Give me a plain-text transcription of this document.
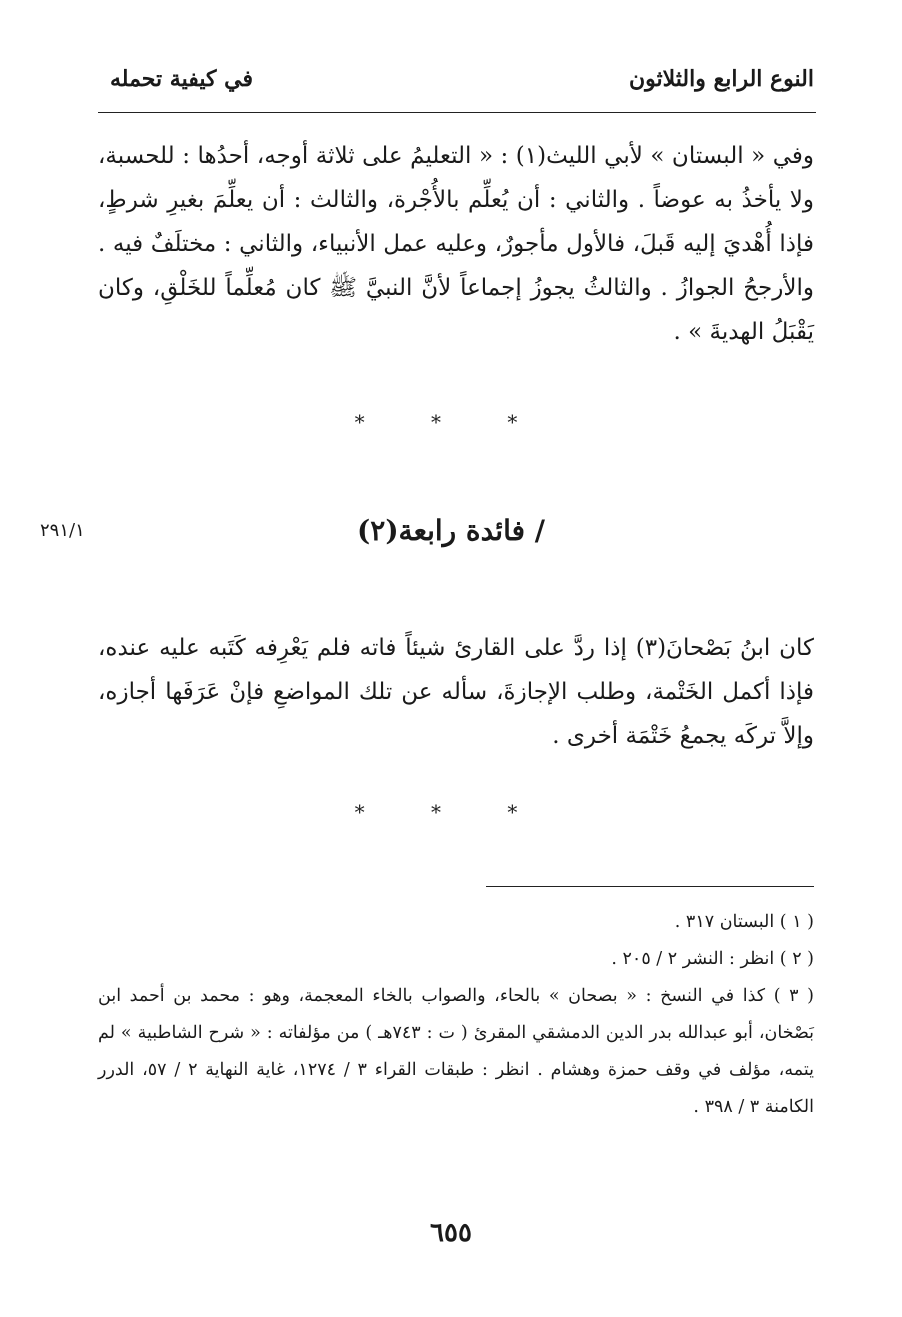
النوع الرابع والثلاثون
في كيفية تحمله

وفي « البستان » لأبي الليث(١) : « التعليمُ على ثلاثة أوجه، أحدُها : للحسبة، ولا يأخذُ به عوضاً . والثاني : أن يُعلِّم بالأُجْرة، والثالث : أن يعلِّمَ بغيرِ شرطٍ، فإذا أُهْديَ إليه قَبلَ، فالأول مأجورٌ، وعليه عمل الأنبياء، والثاني : مختلَفٌ فيه . والأرجحُ الجوازُ . والثالثُ يجوزُ إجماعاً لأنَّ النبيَّ ﷺ كان مُعلِّماً للخَلْقِ، وكان يَقْبَلُ الهديةَ » .

* * *
٢٩١/١	/ فائدة رابعة(٢)

كان ابنُ بَصْحانَ(٣) إذا ردَّ على القارئ شيئاً فاته فلم يَعْرِفه كَتَبه عليه عنده، فإذا أكمل الخَتْمة، وطلب الإجازةَ، سأله عن تلك المواضعِ فإنْ عَرَفَها أجازه، وإلاَّ تركَه يجمعُ خَتْمَة أخرى .

* * *

( ١ ) البستان ٣١٧ .

( ٢ ) انظر : النشر ٢ / ٢٠٥ .

( ٣ ) كذا في النسخ : « بصحان » بالحاء، والصواب بالخاء المعجمة، وهو : محمد بن أحمد ابن بَصْخان، أبو عبدالله بدر الدين الدمشقي المقرئ ( ت : ٧٤٣هـ ) من مؤلفاته : « شرح الشاطبية » لم يتمه، مؤلف في وقف حمزة وهشام . انظر : طبقات القراء ٣ / ١٢٧٤، غاية النهاية ٢ / ٥٧، الدرر الكامنة ٣ / ٣٩٨ .

٦٥٥
